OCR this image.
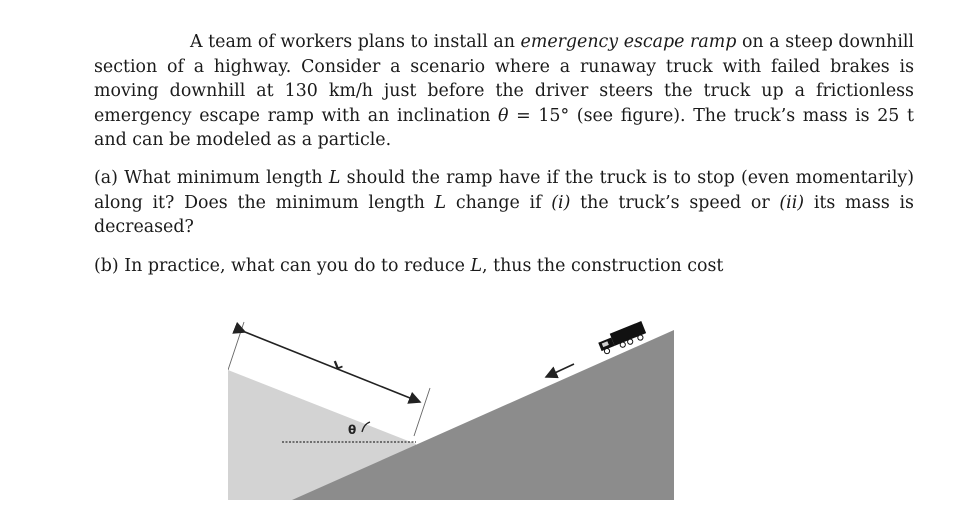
A team of workers plans to install an emergency escape ramp on a steep downhill section of a highway. Consider a scenario where a runaway truck with failed brakes is moving downhill at 130 km/h just before the driver steers the truck up a frictionless emergency escape ramp with an inclination θ = 15° (see figure). The truck’s mass is 25 t and can be modeled as a particle.

(a) What minimum length L should the ramp have if the truck is to stop (even momentarily) along it? Does the minimum length L change if (i) the truck’s speed or (ii) its mass is decreased?

(b) In practice, what can you do to reduce L, thus the construction cost

L
θ
